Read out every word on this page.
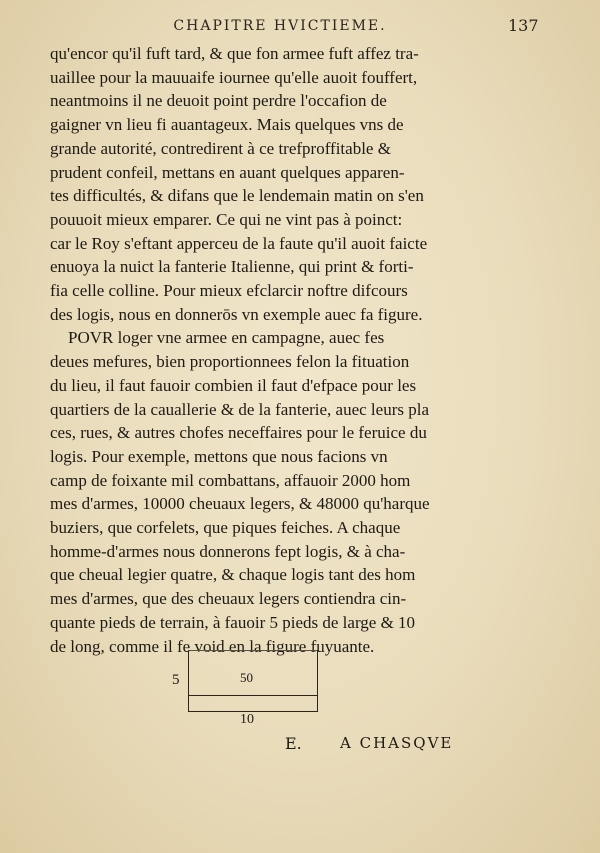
CHAPITRE HVICTIEME.	137
qu'encor qu'il fuft tard, & que fon armee fuft affez tra-
uaillee pour la mauuaife iournee qu'elle auoit fouffert,
neantmoins il ne deuoit point perdre l'occafion de
gaigner vn lieu fi auantageux. Mais quelques vns de
grande autorité, contredirent à ce trefproffitable &
prudent confeil, mettans en auant quelques apparen-
tes difficultés, & difans que le lendemain matin on s'en
pouuoit mieux emparer. Ce qui ne vint pas à poinct:
car le Roy s'eftant apperceu de la faute qu'il auoit faicte
enuoya la nuict la fanterie Italienne, qui print & forti-
fia celle colline. Pour mieux efclarcir noftre difcours
des logis, nous en donnerōs vn exemple auec fa figure.
POVR loger vne armee en campagne, auec fes
deues mefures, bien proportionnees felon la fituation
du lieu, il faut fauoir combien il faut d'efpace pour les
quartiers de la cauallerie & de la fanterie, auec leurs pla
ces, rues, & autres chofes neceffaires pour le feruice du
logis. Pour exemple, mettons que nous facions vn
camp de foixante mil combattans, affauoir 2000 hom
mes d'armes, 10000 cheuaux legers, & 48000 qu'harque
buziers, que corfelets, que piques feiches. A chaque
homme-d'armes nous donnerons fept logis, & à cha-
que cheual legier quatre, & chaque logis tant des hom
mes d'armes, que des cheuaux legers contiendra cin-
quante pieds de terrain, à fauoir 5 pieds de large & 10
de long, comme il fe void en la figure fuyuante.
5	50
10
E.	A CHASQVE
